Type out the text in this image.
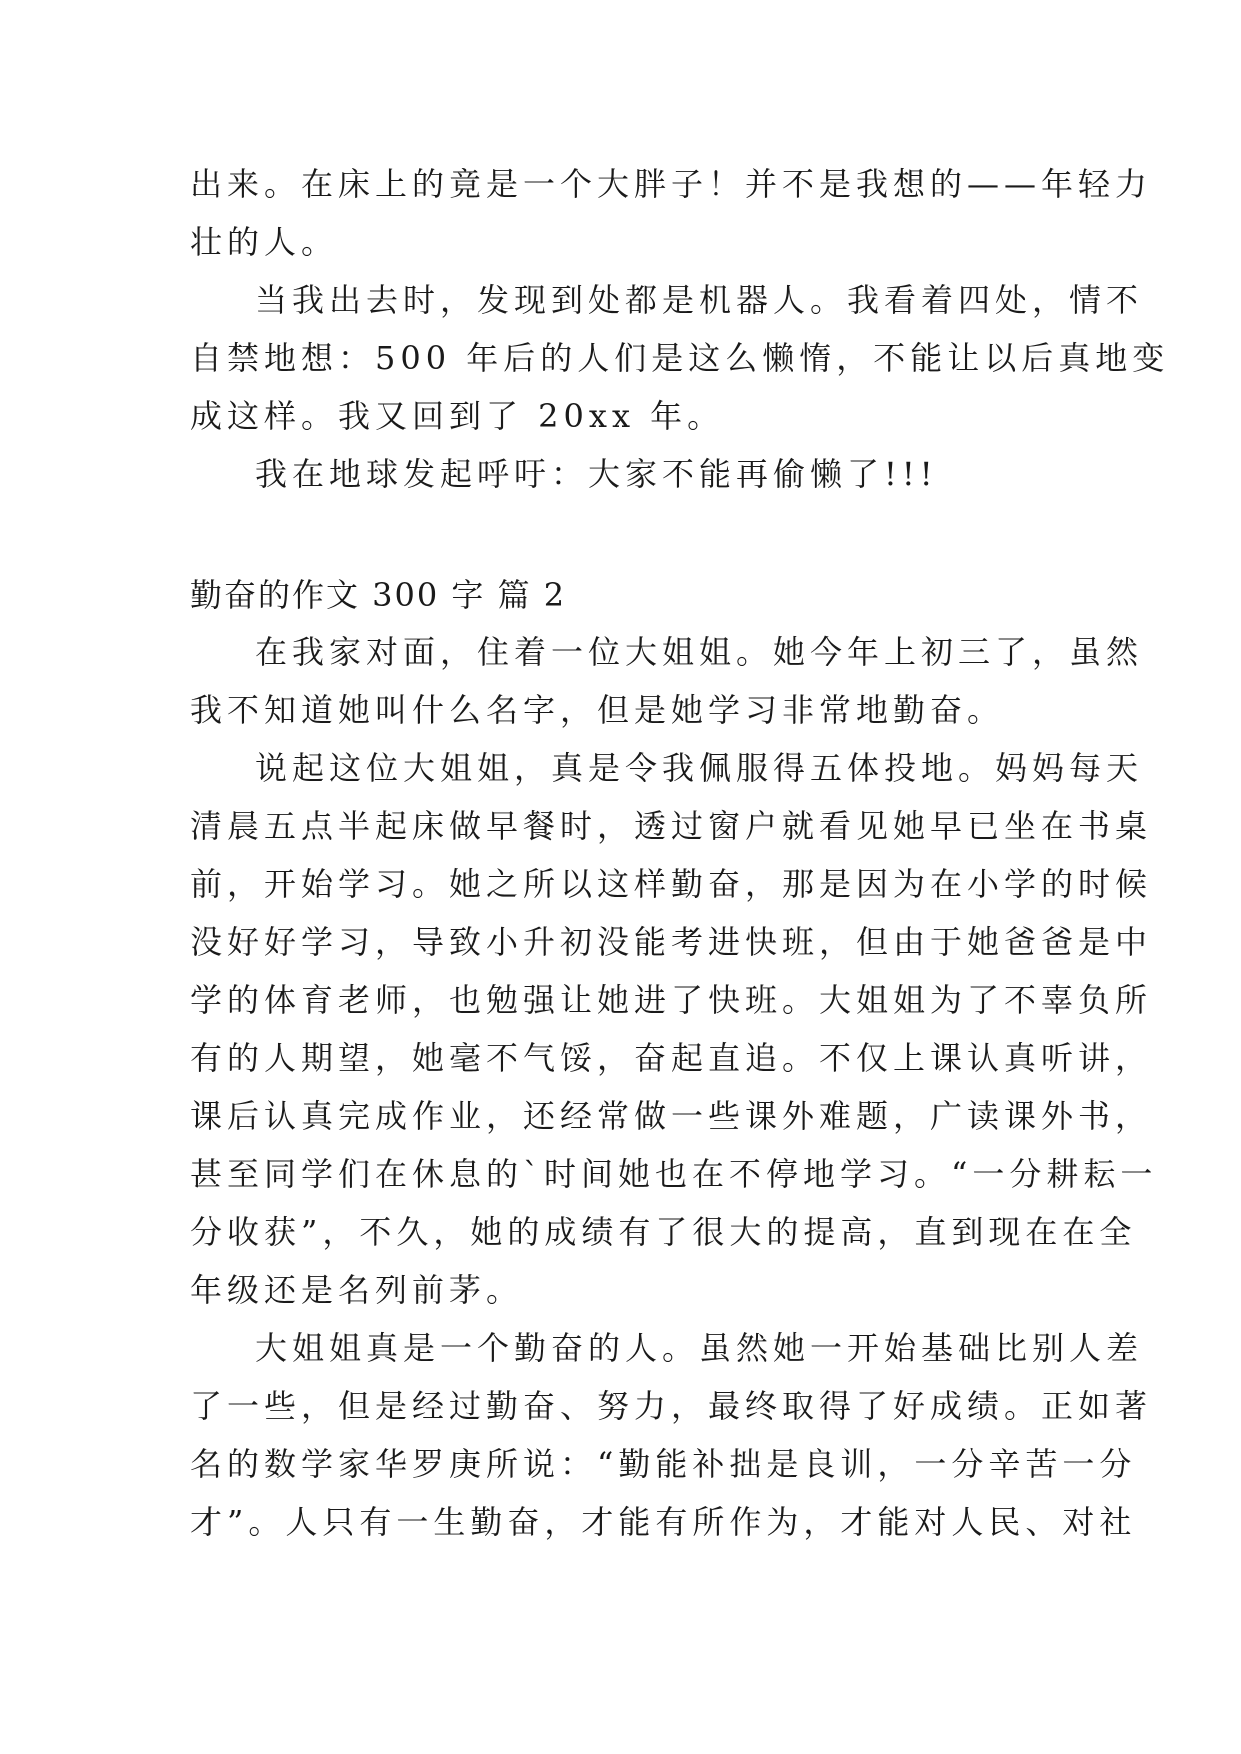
出来。在床上的竟是一个大胖子！并不是我想的——年轻力
壮的人。
当我出去时，发现到处都是机器人。我看着四处，情不
自禁地想：500 年后的人们是这么懒惰，不能让以后真地变
成这样。我又回到了 20xx 年。
我在地球发起呼吁：大家不能再偷懒了!!!
勤奋的作文 300 字 篇 2
在我家对面，住着一位大姐姐。她今年上初三了，虽然
我不知道她叫什么名字，但是她学习非常地勤奋。
说起这位大姐姐，真是令我佩服得五体投地。妈妈每天
清晨五点半起床做早餐时，透过窗户就看见她早已坐在书桌
前，开始学习。她之所以这样勤奋，那是因为在小学的时候
没好好学习，导致小升初没能考进快班，但由于她爸爸是中
学的体育老师，也勉强让她进了快班。大姐姐为了不辜负所
有的人期望，她毫不气馁，奋起直追。不仅上课认真听讲，
课后认真完成作业，还经常做一些课外难题，广读课外书，
甚至同学们在休息的`时间她也在不停地学习。“一分耕耘一
分收获”，不久，她的成绩有了很大的提高，直到现在在全
年级还是名列前茅。
大姐姐真是一个勤奋的人。虽然她一开始基础比别人差
了一些，但是经过勤奋、努力，最终取得了好成绩。正如著
名的数学家华罗庚所说：“勤能补拙是良训，一分辛苦一分
才”。人只有一生勤奋，才能有所作为，才能对人民、对社
